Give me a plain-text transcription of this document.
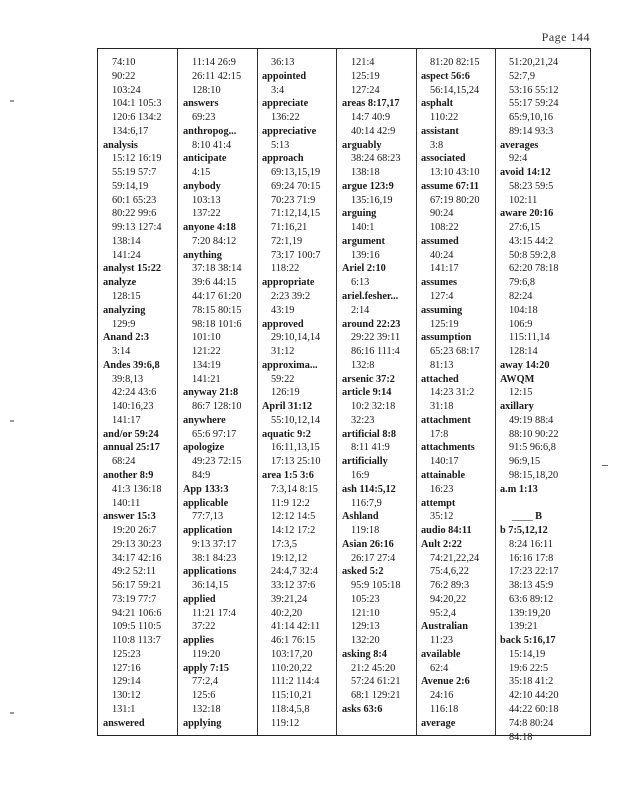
Page 144
74:10
90:22
103:24
104:1 105:3
120:6 134:2
134:6,17
analysis
15:12 16:19
55:19 57:7
59:14,19
60:1 65:23
80:22 99:6
99:13 127:4
138:14
141:24
analyst 15:22
analyze
128:15
analyzing
129:9
Anand 2:3
3:14
Andes 39:6,8
39:8,13
42:24 43:6
140:16,23
141:17
and/or 59:24
annual 25:17
68:24
another 8:9
41:3 136:18
140:11
answer 15:3
19:20 26:7
29:13 30:23
34:17 42:16
49:2 52:11
56:17 59:21
73:19 77:7
94:21 106:6
109:5 110:5
110:8 113:7
125:23
127:16
129:14
130:12
131:1
answered
11:14 26:9
26:11 42:15
128:10
answers
69:23
anthropog...
8:10 41:4
anticipate
4:15
anybody
103:13
137:22
anyone 4:18
7:20 84:12
anything
37:18 38:14
39:6 44:15
44:17 61:20
78:15 80:15
98:18 101:6
101:10
121:22
134:19
141:21
anyway 21:8
86:7 128:10
anywhere
65:6 97:17
apologize
49:23 72:15
84:9
App 133:3
applicable
77:7,13
application
9:13 37:17
38:1 84:23
applications
36:14,15
applied
11:21 17:4
37:22
applies
119:20
apply 7:15
77:2,4
125:6
132:18
applying
36:13
appointed
3:4
appreciate
136:22
appreciative
5:13
approach
69:13,15,19
69:24 70:15
70:23 71:9
71:12,14,15
71:16,21
72:1,19
73:17 100:7
118:22
appropriate
2:23 39:2
43:19
approved
29:10,14,14
31:12
approxima...
59:22
126:19
April 31:12
55:10,12,14
aquatic 9:2
16:11,13,15
17:13 25:10
area 1:5 3:6
7:3,14 8:15
11:9 12:2
12:12 14:5
14:12 17:2
17:3,5
19:12,12
24:4,7 32:4
33:12 37:6
39:21,24
40:2,20
41:14 42:11
46:1 76:15
103:17,20
110:20,22
111:2 114:4
115:10,21
118:4,5,8
119:12
121:4
125:19
127:24
areas 8:17,17
14:7 40:9
40:14 42:9
arguably
38:24 68:23
138:18
argue 123:9
135:16,19
arguing
140:1
argument
139:16
Ariel 2:10
6:13
ariel.fesher...
2:14
around 22:23
29:22 39:11
86:16 111:4
132:8
arsenic 37:2
article 9:14
10:2 32:18
32:23
artificial 8:8
8:11 41:9
artificially
16:9
ash 114:5,12
116:7,9
Ashland
119:18
Asian 26:16
26:17 27:4
asked 5:2
95:9 105:18
105:23
121:10
129:13
132:20
asking 8:4
21:2 45:20
57:24 61:21
68:1 129:21
asks 63:6
81:20 82:15
aspect 56:6
56:14,15,24
asphalt
110:22
assistant
3:8
associated
13:10 43:10
assume 67:11
67:19 80:20
90:24
108:22
assumed
40:24
141:17
assumes
127:4
assuming
125:19
assumption
65:23 68:17
81:13
attached
14:23 31:2
31:18
attachment
17:8
attachments
140:17
attainable
16:23
attempt
35:12
audio 84:11
Ault 2:22
74:21,22,24
75:4,6,22
76:2 89:3
94:20,22
95:2,4
Australian
11:23
available
62:4
Avenue 2:6
24:16
116:18
average
51:20,21,24
52:7,9
53:16 55:12
55:17 59:24
65:9,10,16
89:14 93:3
averages
92:4
avoid 14:12
58:23 59:5
102:11
aware 20:16
27:6,15
43:15 44:2
50:8 59:2,8
62:20 78:18
79:6,8
82:24
104:18
106:9
115:11,14
128:14
away 14:20
AWQM
12:15
axillary
49:19 88:4
88:10 90:22
91:5 96:6,8
96:9,15
98:15,18,20
a.m 1:13
____ B
b 7:5,12,12
8:24 16:11
16:16 17:8
17:23 22:17
38:13 45:9
63:6 89:12
139:19,20
139:21
back 5:16,17
15:14,19
19:6 22:5
35:18 41:2
42:10 44:20
44:22 60:18
74:8 80:24
84:18
